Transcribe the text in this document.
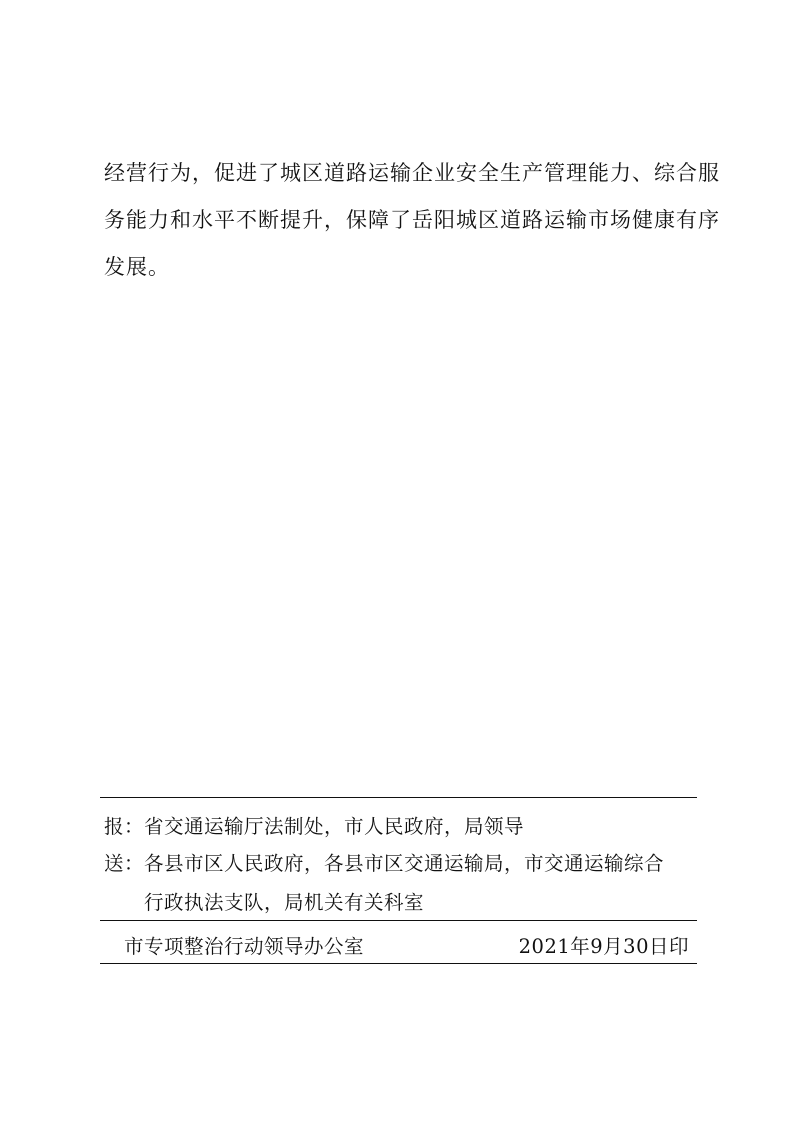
经营行为，促进了城区道路运输企业安全生产管理能力、综合服
务能力和水平不断提升，保障了岳阳城区道路运输市场健康有序
发展。
报：省交通运输厅法制处，市人民政府，局领导
送：各县市区人民政府，各县市区交通运输局，市交通运输综合
行政执法支队，局机关有关科室
市专项整治行动领导办公室	2021年9月30日印
